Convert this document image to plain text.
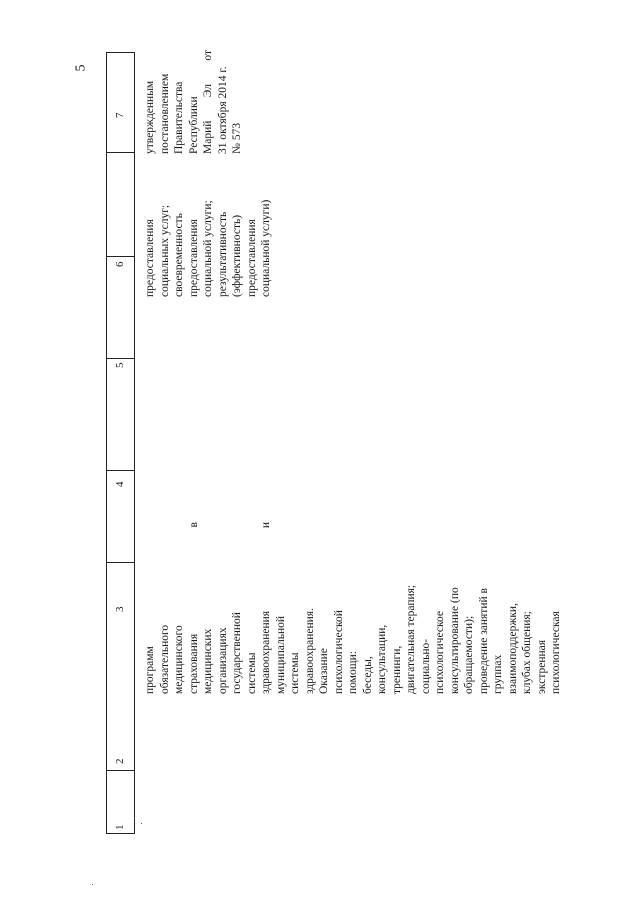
5
1
2
3
4
5
6
7
программ обязательного медицинского страхования
в
медицинских организациях государственной системы здравоохранения
и
муниципальной системы здравоохранения. Оказание психологической помощи: беседы, консультации, тренинги, двигательная терапия; социально- психологическое консультирование (по обращаемости); проведение занятий в группах взаимоподдержки, клубах общения; экстренная психологическая
предоставления социальных услуг; своевременность предоставления социальной услуги; результативность (эффективность) предоставления социальной услуги)
утвержденным постановлением Правительства Республики Марий
Эл
от
31 октября 2014 г. № 573
